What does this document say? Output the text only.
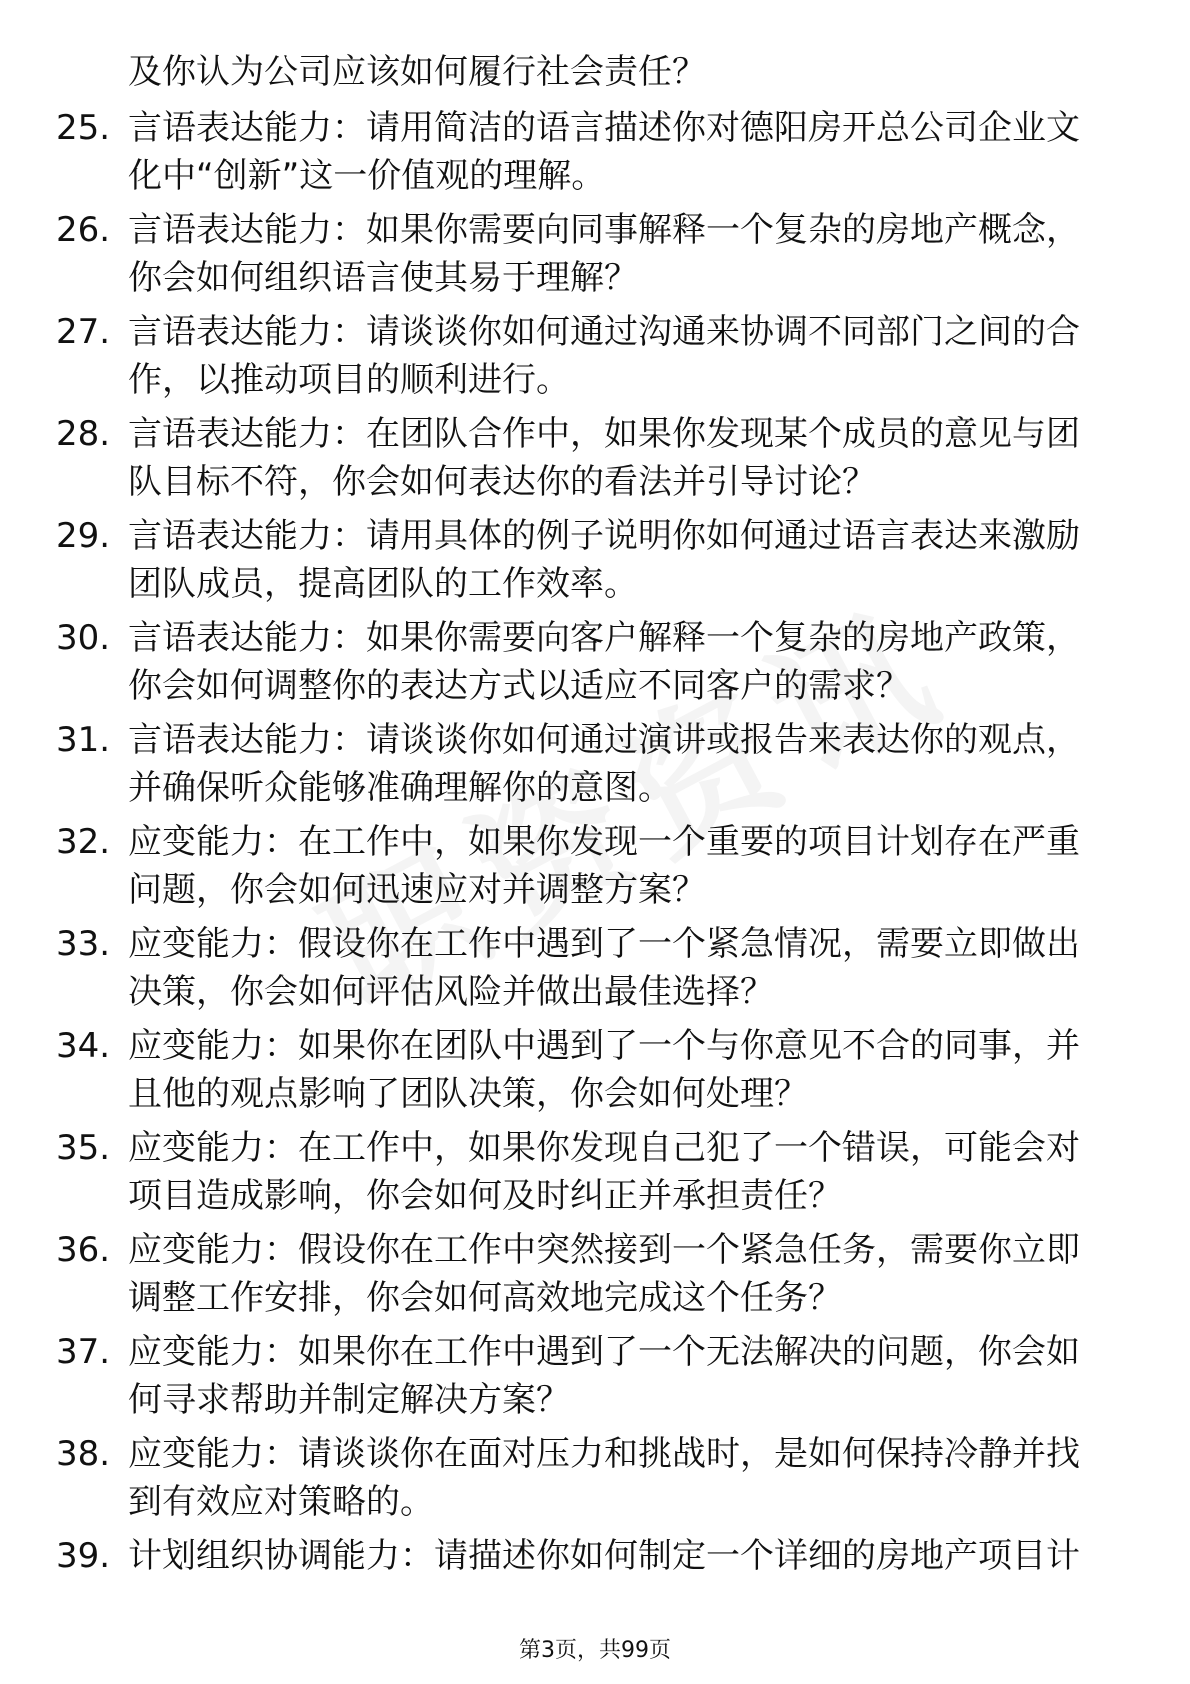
及你认为公司应该如何履行社会责任？

25. 言语表达能力：请用简洁的语言描述你对德阳房开总公司企业文化中“创新”这一价值观的理解。

26. 言语表达能力：如果你需要向同事解释一个复杂的房地产概念，你会如何组织语言使其易于理解？

27. 言语表达能力：请谈谈你如何通过沟通来协调不同部门之间的合作，以推动项目的顺利进行。

28. 言语表达能力：在团队合作中，如果你发现某个成员的意见与团队目标不符，你会如何表达你的看法并引导讨论？

29. 言语表达能力：请用具体的例子说明你如何通过语言表达来激励团队成员，提高团队的工作效率。

30. 言语表达能力：如果你需要向客户解释一个复杂的房地产政策，你会如何调整你的表达方式以适应不同客户的需求？

31. 言语表达能力：请谈谈你如何通过演讲或报告来表达你的观点，并确保听众能够准确理解你的意图。

32. 应变能力：在工作中，如果你发现一个重要的项目计划存在严重问题，你会如何迅速应对并调整方案？

33. 应变能力：假设你在工作中遇到了一个紧急情况，需要立即做出决策，你会如何评估风险并做出最佳选择？

34. 应变能力：如果你在团队中遇到了一个与你意见不合的同事，并且他的观点影响了团队决策，你会如何处理？

35. 应变能力：在工作中，如果你发现自己犯了一个错误，可能会对项目造成影响，你会如何及时纠正并承担责任？

36. 应变能力：假设你在工作中突然接到一个紧急任务，需要你立即调整工作安排，你会如何高效地完成这个任务？

37. 应变能力：如果你在工作中遇到了一个无法解决的问题，你会如何寻求帮助并制定解决方案？

38. 应变能力：请谈谈你在面对压力和挑战时，是如何保持冷静并找到有效应对策略的。

39. 计划组织协调能力：请描述你如何制定一个详细的房地产项目计

第3页，共99页
